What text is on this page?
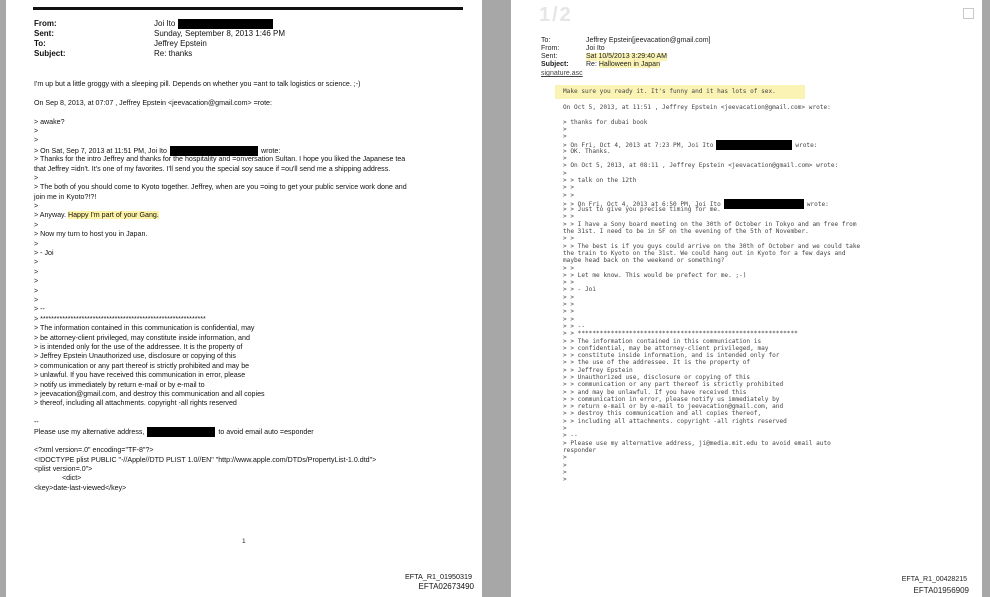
From:	Joi Ito
Sent:	Sunday, September 8, 2013 1:46 PM
To:	Jeffrey Epstein
Subject:	Re: thanks
I'm up but a little groggy with a sleeping pill. Depends on whether you =ant to talk logistics or science. ;-)
On Sep 8, 2013, at 07:07 , Jeffrey Epstein <jeevacation@gmail.com> =rote:
> awake?
>
>
> On Sat, Sep 7, 2013 at 11:51 PM, Joi Ito	wrote:
> Thanks for the intro Jeffrey and thanks for the hospitality and =onversation Sultan. I hope you liked the Japanese tea
that Jeffrey =idn't. It's one of my favorites. I'll send you the special soy sauce if =ou'll send me a shipping address.
>
> The both of you should come to Kyoto together. Jeffrey, when are you =oing to get your public service work done and
join me in Kyoto?!?!
>
> Anyway. Happy I'm part of your Gang.
>
> Now my turn to host you in Japan.
>
> - Joi
>
>
>
>
>
> --
> ************************************************************
> The information contained in this communication is confidential, may
> be attorney-client privileged, may constitute inside information, and
> is intended only for the use of the addressee. It is the property of
> Jeffrey Epstein Unauthorized use, disclosure or copying of this
> communication or any part thereof is strictly prohibited and may be
> unlawful. If you have received this communication in error, please
> notify us immediately by return e-mail or by e-mail to
> jeevacation@gmail.com, and destroy this communication and all copies
> thereof, including all attachments. copyright -all rights reserved
--
Please use my alternative address,	to avoid email auto =esponder
<?xml version=.0" encoding="TF-8"?>
<!DOCTYPE plist PUBLIC "-//Apple//DTD PLIST 1.0//EN" "http://www.apple.com/DTDs/PropertyList-1.0.dtd">
<plist version=.0">
<dict>
<key>date-last-viewed</key>
1
EFTA_R1_01950319
EFTA02673490
1/2
To:	Jeffrey Epstein[jeevacation@gmail.com]
From:	Joi Ito
Sent:	Sat 10/5/2013 3:29:40 AM
Subject:	Re: Halloween in Japan
signature.asc
Make sure you ready it. It's funny and it has lots of sex.
On Oct 5, 2013, at 11:51 , Jeffrey Epstein <jeevacation@gmail.com> wrote:
> thanks for dubai book
>
>
> On Fri, Oct 4, 2013 at 7:23 PM, Joi Ito	wrote:
> OK. Thanks.
>
> On Oct 5, 2013, at 08:11 , Jeffrey Epstein <jeevacation@gmail.com> wrote:
>
> > talk on the 12th
> >
> >
> > On Fri, Oct 4, 2013 at 6:50 PM, Joi Ito	wrote:
> > Just to give you precise timing for me.
> >
> > I have a Sony board meeting on the 30th of October in Tokyo and am free from
the 31st. I need to be in SF on the evening of the 5th of November.
> >
> > The best is if you guys could arrive on the 30th of October and we could take
the train to Kyoto on the 31st. We could hang out in Kyoto for a few days and
maybe head back on the weekend or something?
> >
> > Let me know. This would be prefect for me. ;-)
> >
> > - Joi
> >
> >
> >
> >
> > --
> > ************************************************************
> > The information contained in this communication is
> > confidential, may be attorney-client privileged, may
> > constitute inside information, and is intended only for
> > the use of the addressee. It is the property of
> > Jeffrey Epstein
> > Unauthorized use, disclosure or copying of this
> > communication or any part thereof is strictly prohibited
> > and may be unlawful. If you have received this
> > communication in error, please notify us immediately by
> > return e-mail or by e-mail to jeevacation@gmail.com, and
> > destroy this communication and all copies thereof,
> > including all attachments. copyright -all rights reserved
>
> --
> Please use my alternative address, ji@media.mit.edu to avoid email auto
responder
>
>
>
>
EFTA_R1_00428215
EFTA01956909
